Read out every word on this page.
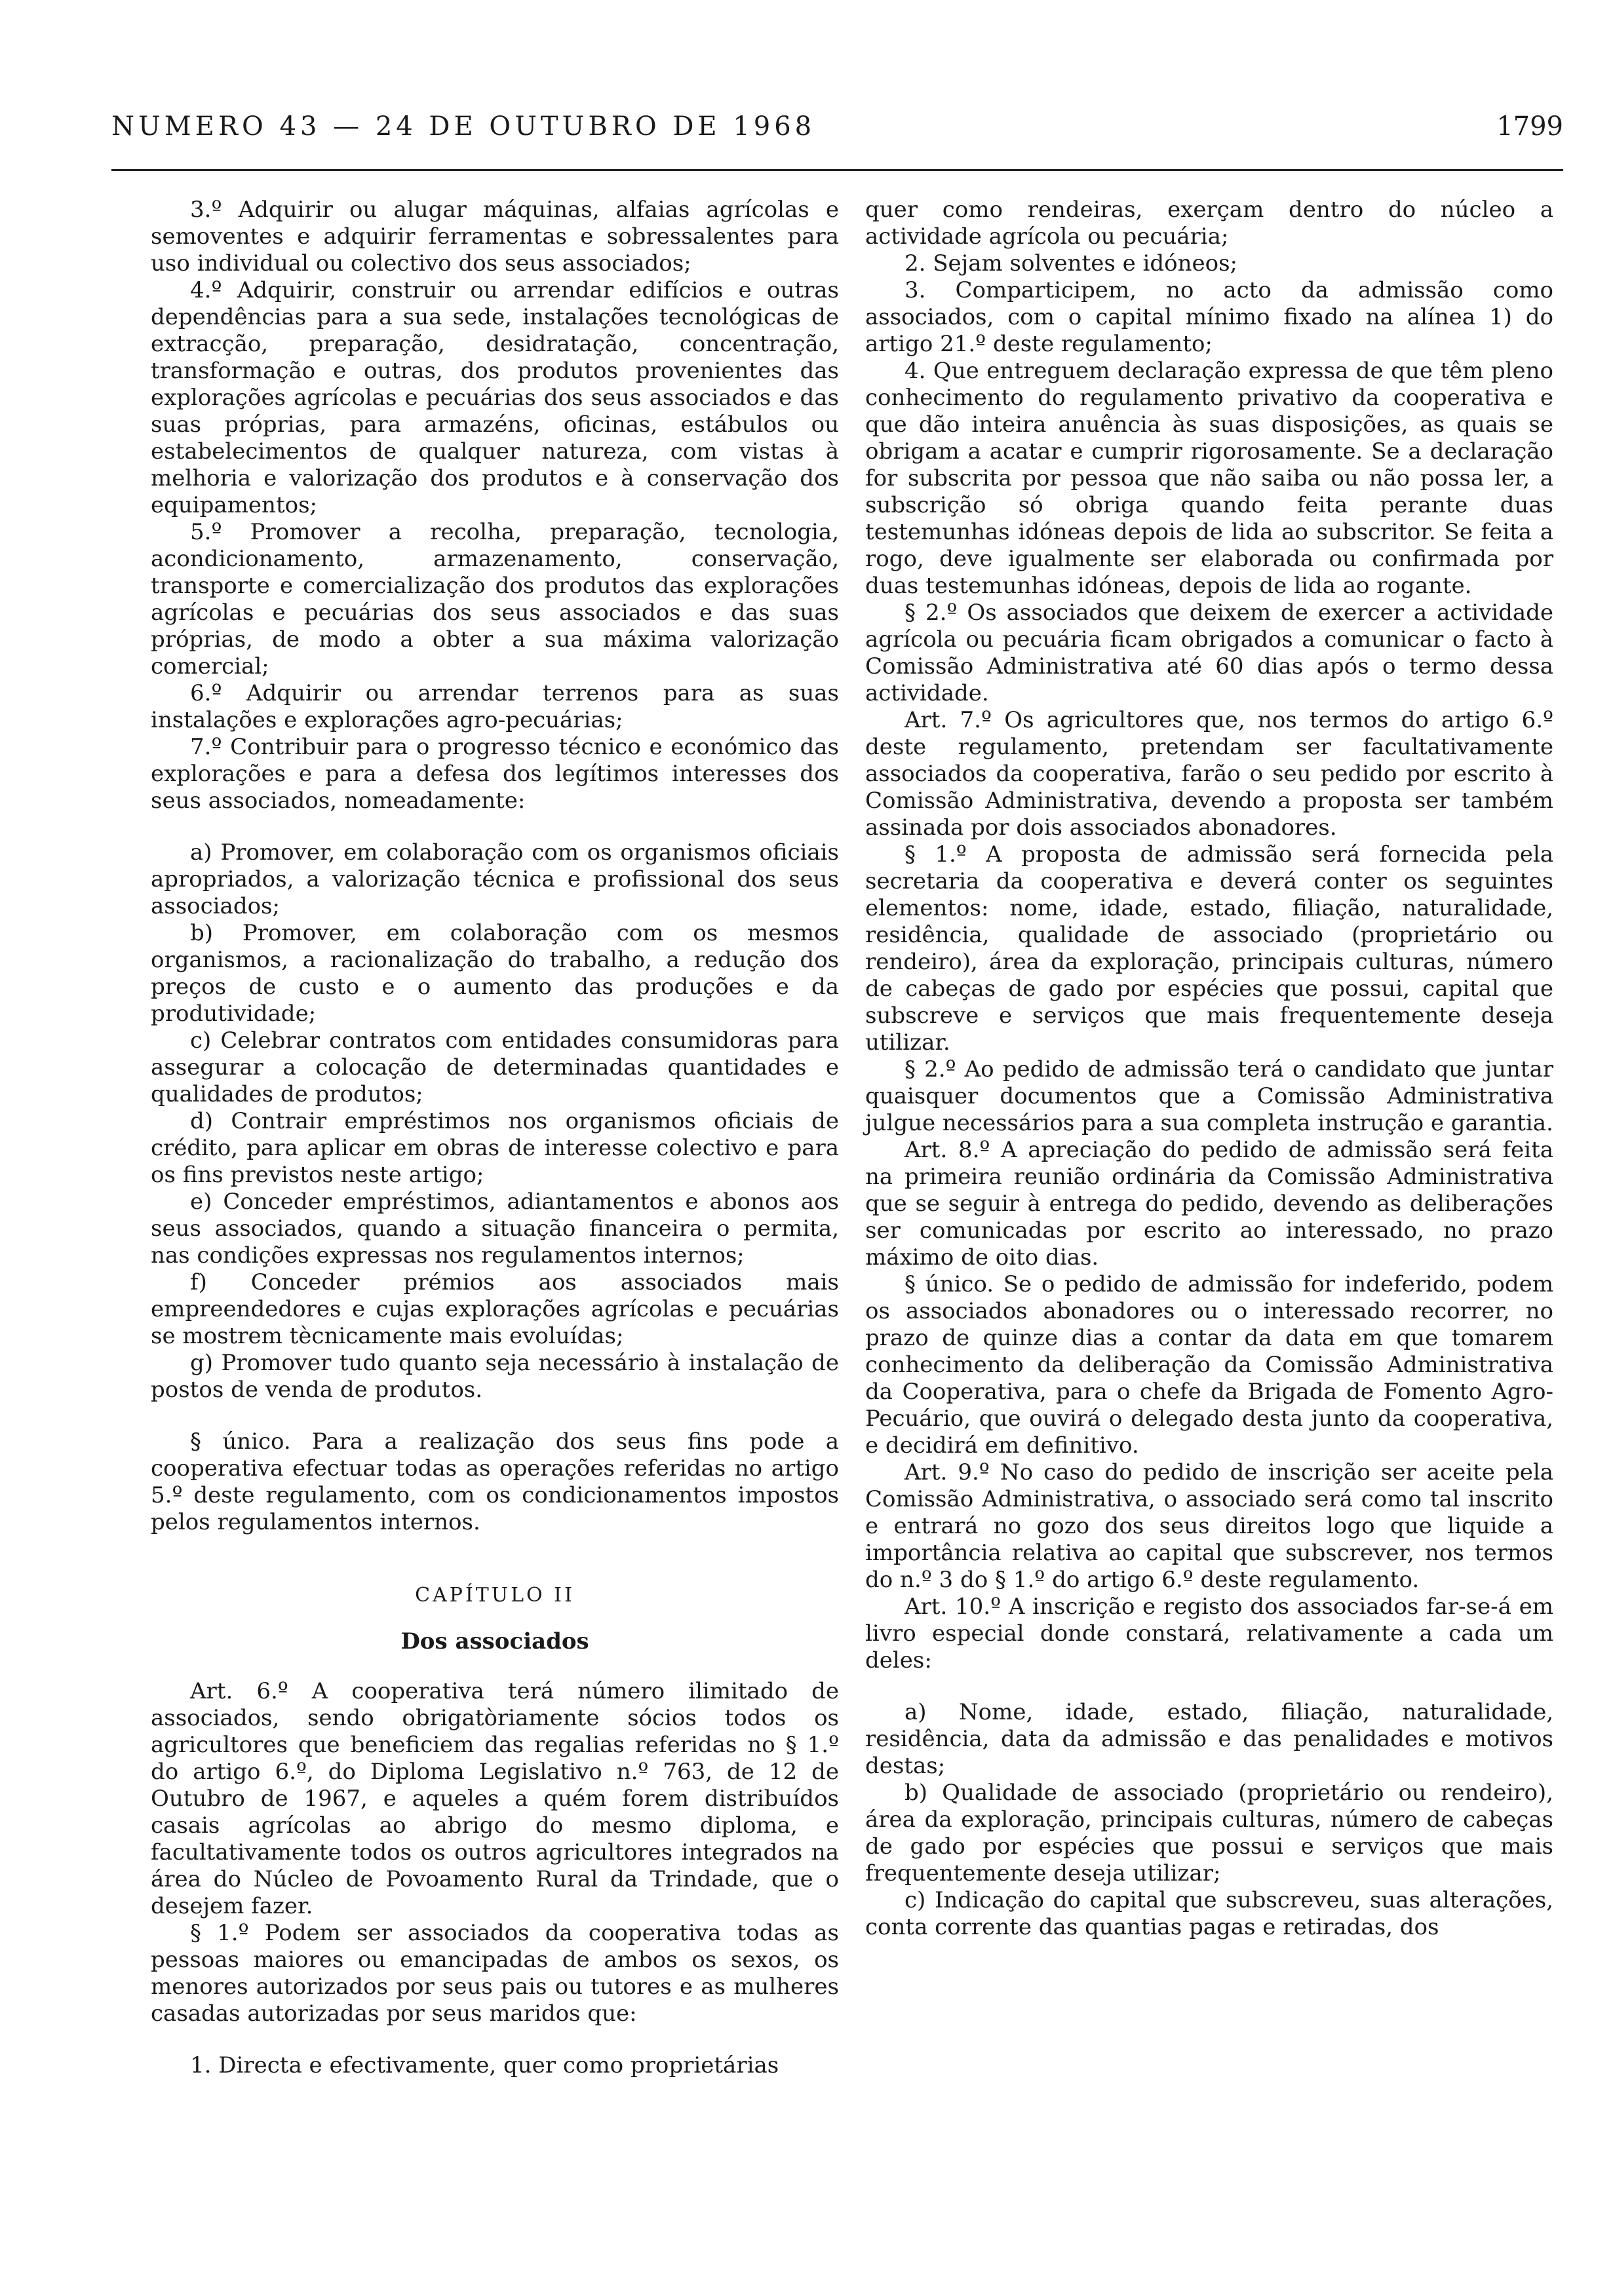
NUMERO 43 — 24 DE OUTUBRO DE 1968	1799

3.º Adquirir ou alugar máquinas, alfaias agrícolas e semoventes e adquirir ferramentas e sobressalentes para uso individual ou colectivo dos seus associados;

4.º Adquirir, construir ou arrendar edifícios e outras dependências para a sua sede, instalações tecnológicas de extracção, preparação, desidratação, concentração, transformação e outras, dos produtos provenientes das explorações agrícolas e pecuárias dos seus associados e das suas próprias, para armazéns, oficinas, estábulos ou estabelecimentos de qualquer natureza, com vistas à melhoria e valorização dos produtos e à conservação dos equipamentos;

5.º Promover a recolha, preparação, tecnologia, acondicionamento, armazenamento, conservação, transporte e comercialização dos produtos das explorações agrícolas e pecuárias dos seus associados e das suas próprias, de modo a obter a sua máxima valorização comercial;

6.º Adquirir ou arrendar terrenos para as suas instalações e explorações agro-pecuárias;

7.º Contribuir para o progresso técnico e económico das explorações e para a defesa dos legítimos interesses dos seus associados, nomeadamente:

a) Promover, em colaboração com os organismos oficiais apropriados, a valorização técnica e profissional dos seus associados;

b) Promover, em colaboração com os mesmos organismos, a racionalização do trabalho, a redução dos preços de custo e o aumento das produções e da produtividade;

c) Celebrar contratos com entidades consumidoras para assegurar a colocação de determinadas quantidades e qualidades de produtos;

d) Contrair empréstimos nos organismos oficiais de crédito, para aplicar em obras de interesse colectivo e para os fins previstos neste artigo;

e) Conceder empréstimos, adiantamentos e abonos aos seus associados, quando a situação financeira o permita, nas condições expressas nos regulamentos internos;

f) Conceder prémios aos associados mais empreendedores e cujas explorações agrícolas e pecuárias se mostrem tècnicamente mais evoluídas;

g) Promover tudo quanto seja necessário à instalação de postos de venda de produtos.

§ único. Para a realização dos seus fins pode a cooperativa efectuar todas as operações referidas no artigo 5.º deste regulamento, com os condicionamentos impostos pelos regulamentos internos.

CAPÍTULO II

Dos associados

Art. 6.º A cooperativa terá número ilimitado de associados, sendo obrigatòriamente sócios todos os agricultores que beneficiem das regalias referidas no § 1.º do artigo 6.º, do Diploma Legislativo n.º 763, de 12 de Outubro de 1967, e aqueles a quém forem distribuídos casais agrícolas ao abrigo do mesmo diploma, e facultativamente todos os outros agricultores integrados na área do Núcleo de Povoamento Rural da Trindade, que o desejem fazer.

§ 1.º Podem ser associados da cooperativa todas as pessoas maiores ou emancipadas de ambos os sexos, os menores autorizados por seus pais ou tutores e as mulheres casadas autorizadas por seus maridos que:

1. Directa e efectivamente, quer como proprietárias

quer como rendeiras, exerçam dentro do núcleo a actividade agrícola ou pecuária;

2. Sejam solventes e idóneos;

3. Comparticipem, no acto da admissão como associados, com o capital mínimo fixado na alínea 1) do artigo 21.º deste regulamento;

4. Que entreguem declaração expressa de que têm pleno conhecimento do regulamento privativo da cooperativa e que dão inteira anuência às suas disposições, as quais se obrigam a acatar e cumprir rigorosamente. Se a declaração for subscrita por pessoa que não saiba ou não possa ler, a subscrição só obriga quando feita perante duas testemunhas idóneas depois de lida ao subscritor. Se feita a rogo, deve igualmente ser elaborada ou confirmada por duas testemunhas idóneas, depois de lida ao rogante.

§ 2.º Os associados que deixem de exercer a actividade agrícola ou pecuária ficam obrigados a comunicar o facto à Comissão Administrativa até 60 dias após o termo dessa actividade.

Art. 7.º Os agricultores que, nos termos do artigo 6.º deste regulamento, pretendam ser facultativamente associados da cooperativa, farão o seu pedido por escrito à Comissão Administrativa, devendo a proposta ser também assinada por dois associados abonadores.

§ 1.º A proposta de admissão será fornecida pela secretaria da cooperativa e deverá conter os seguintes elementos: nome, idade, estado, filiação, naturalidade, residência, qualidade de associado (proprietário ou rendeiro), área da exploração, principais culturas, número de cabeças de gado por espécies que possui, capital que subscreve e serviços que mais frequentemente deseja utilizar.

§ 2.º Ao pedido de admissão terá o candidato que juntar quaisquer documentos que a Comissão Administrativa julgue necessários para a sua completa instrução e garantia.

Art. 8.º A apreciação do pedido de admissão será feita na primeira reunião ordinária da Comissão Administrativa que se seguir à entrega do pedido, devendo as deliberações ser comunicadas por escrito ao interessado, no prazo máximo de oito dias.

§ único. Se o pedido de admissão for indeferido, podem os associados abonadores ou o interessado recorrer, no prazo de quinze dias a contar da data em que tomarem conhecimento da deliberação da Comissão Administrativa da Cooperativa, para o chefe da Brigada de Fomento Agro-Pecuário, que ouvirá o delegado desta junto da cooperativa, e decidirá em definitivo.

Art. 9.º No caso do pedido de inscrição ser aceite pela Comissão Administrativa, o associado será como tal inscrito e entrará no gozo dos seus direitos logo que liquide a importância relativa ao capital que subscrever, nos termos do n.º 3 do § 1.º do artigo 6.º deste regulamento.

Art. 10.º A inscrição e registo dos associados far-se-á em livro especial donde constará, relativamente a cada um deles:

a) Nome, idade, estado, filiação, naturalidade, residência, data da admissão e das penalidades e motivos destas;

b) Qualidade de associado (proprietário ou rendeiro), área da exploração, principais culturas, número de cabeças de gado por espécies que possui e serviços que mais frequentemente deseja utilizar;

c) Indicação do capital que subscreveu, suas alterações, conta corrente das quantias pagas e retiradas, dos
